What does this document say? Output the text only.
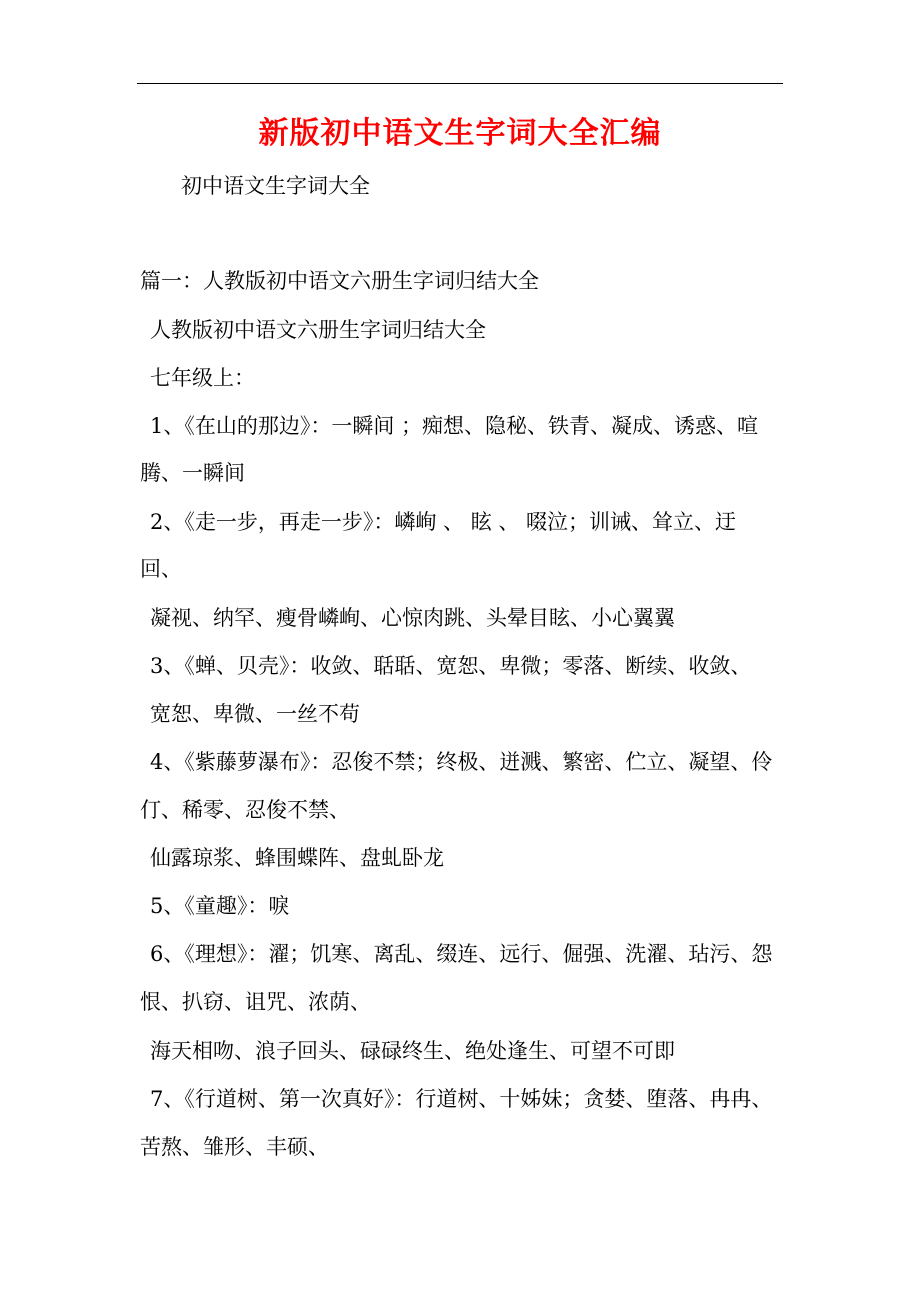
新版初中语文生字词大全汇编
初中语文生字词大全
篇一：人教版初中语文六册生字词归结大全
人教版初中语文六册生字词归结大全
七年级上：
1、《在山的那边》：一瞬间 ；痴想、隐秘、铁青、凝成、诱惑、喧
腾、一瞬间
2、《走一步，再走一步》：嶙峋 、 眩 、 啜泣；训诫、耸立、迂
回、
凝视、纳罕、瘦骨嶙峋、心惊肉跳、头晕目眩、小心翼翼
3、《蝉、贝壳》：收敛、聒聒、宽恕、卑微；零落、断续、收敛、
宽恕、卑微、一丝不苟
4、《紫藤萝瀑布》：忍俊不禁；终极、迸溅、繁密、伫立、凝望、伶
仃、稀零、忍俊不禁、
仙露琼浆、蜂围蝶阵、盘虬卧龙
5、《童趣》：唳
6、《理想》：濯；饥寒、离乱、缀连、远行、倔强、洗濯、玷污、怨
恨、扒窃、诅咒、浓荫、
海天相吻、浪子回头、碌碌终生、绝处逢生、可望不可即
7、《行道树、第一次真好》：行道树、十姊妹；贪婪、堕落、冉冉、
苦熬、雏形、丰硕、
